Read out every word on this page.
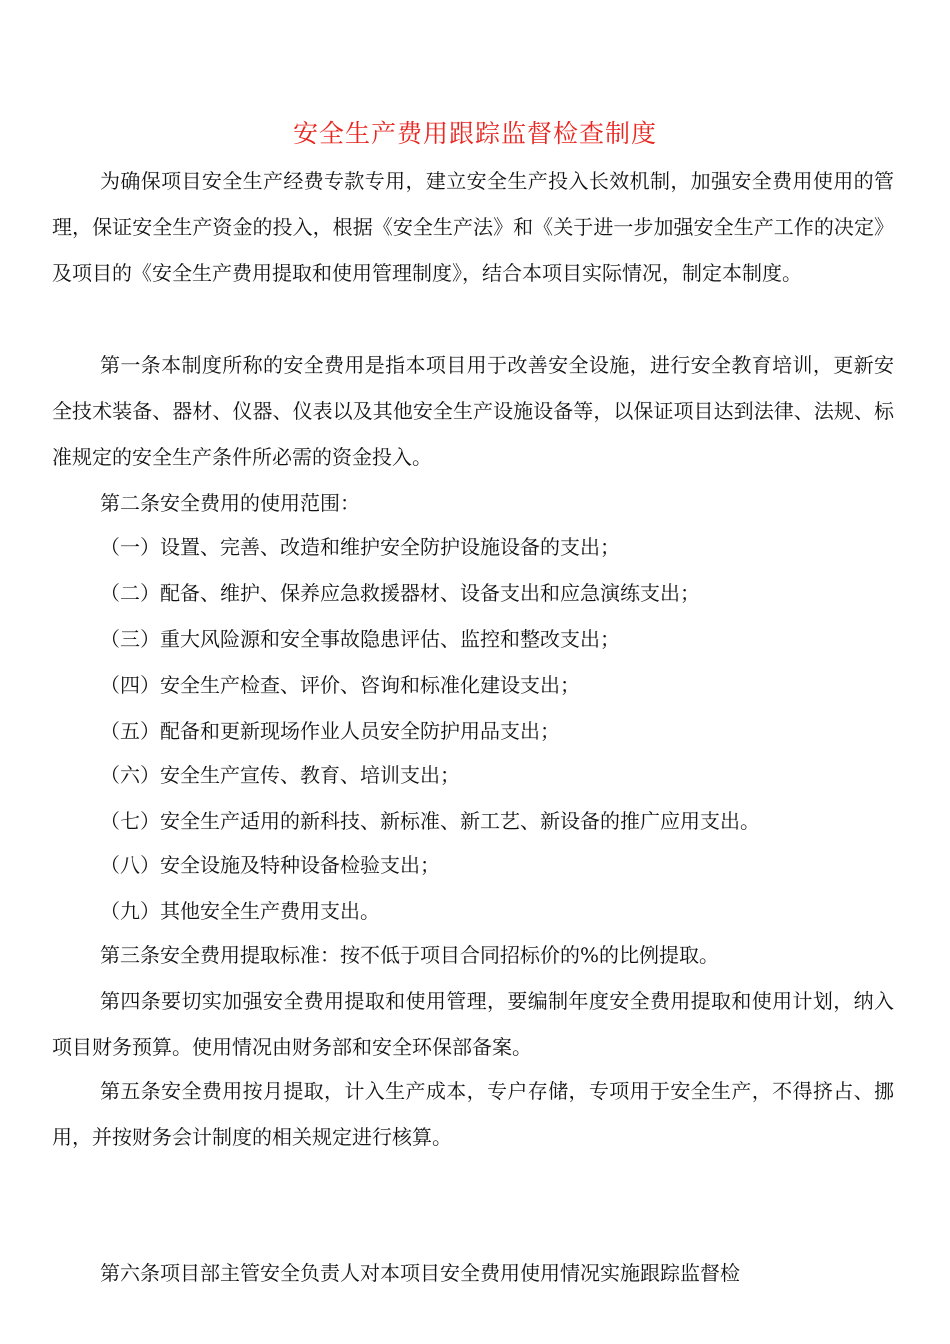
安全生产费用跟踪监督检查制度

为确保项目安全生产经费专款专用，建立安全生产投入长效机制，加强安全费用使用的管理，保证安全生产资金的投入，根据《安全生产法》和《关于进一步加强安全生产工作的决定》及项目的《安全生产费用提取和使用管理制度》，结合本项目实际情况，制定本制度。

第一条本制度所称的安全费用是指本项目用于改善安全设施，进行安全教育培训，更新安全技术装备、器材、仪器、仪表以及其他安全生产设施设备等，以保证项目达到法律、法规、标准规定的安全生产条件所必需的资金投入。

第二条安全费用的使用范围：

（一）设置、完善、改造和维护安全防护设施设备的支出；

（二）配备、维护、保养应急救援器材、设备支出和应急演练支出；

（三）重大风险源和安全事故隐患评估、监控和整改支出；

（四）安全生产检查、评价、咨询和标准化建设支出；

（五）配备和更新现场作业人员安全防护用品支出；

（六）安全生产宣传、教育、培训支出；

（七）安全生产适用的新科技、新标准、新工艺、新设备的推广应用支出。

（八）安全设施及特种设备检验支出；

（九）其他安全生产费用支出。

第三条安全费用提取标准：按不低于项目合同招标价的%的比例提取。

第四条要切实加强安全费用提取和使用管理，要编制年度安全费用提取和使用计划，纳入项目财务预算。使用情况由财务部和安全环保部备案。

第五条安全费用按月提取，计入生产成本，专户存储，专项用于安全生产，不得挤占、挪用，并按财务会计制度的相关规定进行核算。

第六条项目部主管安全负责人对本项目安全费用使用情况实施跟踪监督检
